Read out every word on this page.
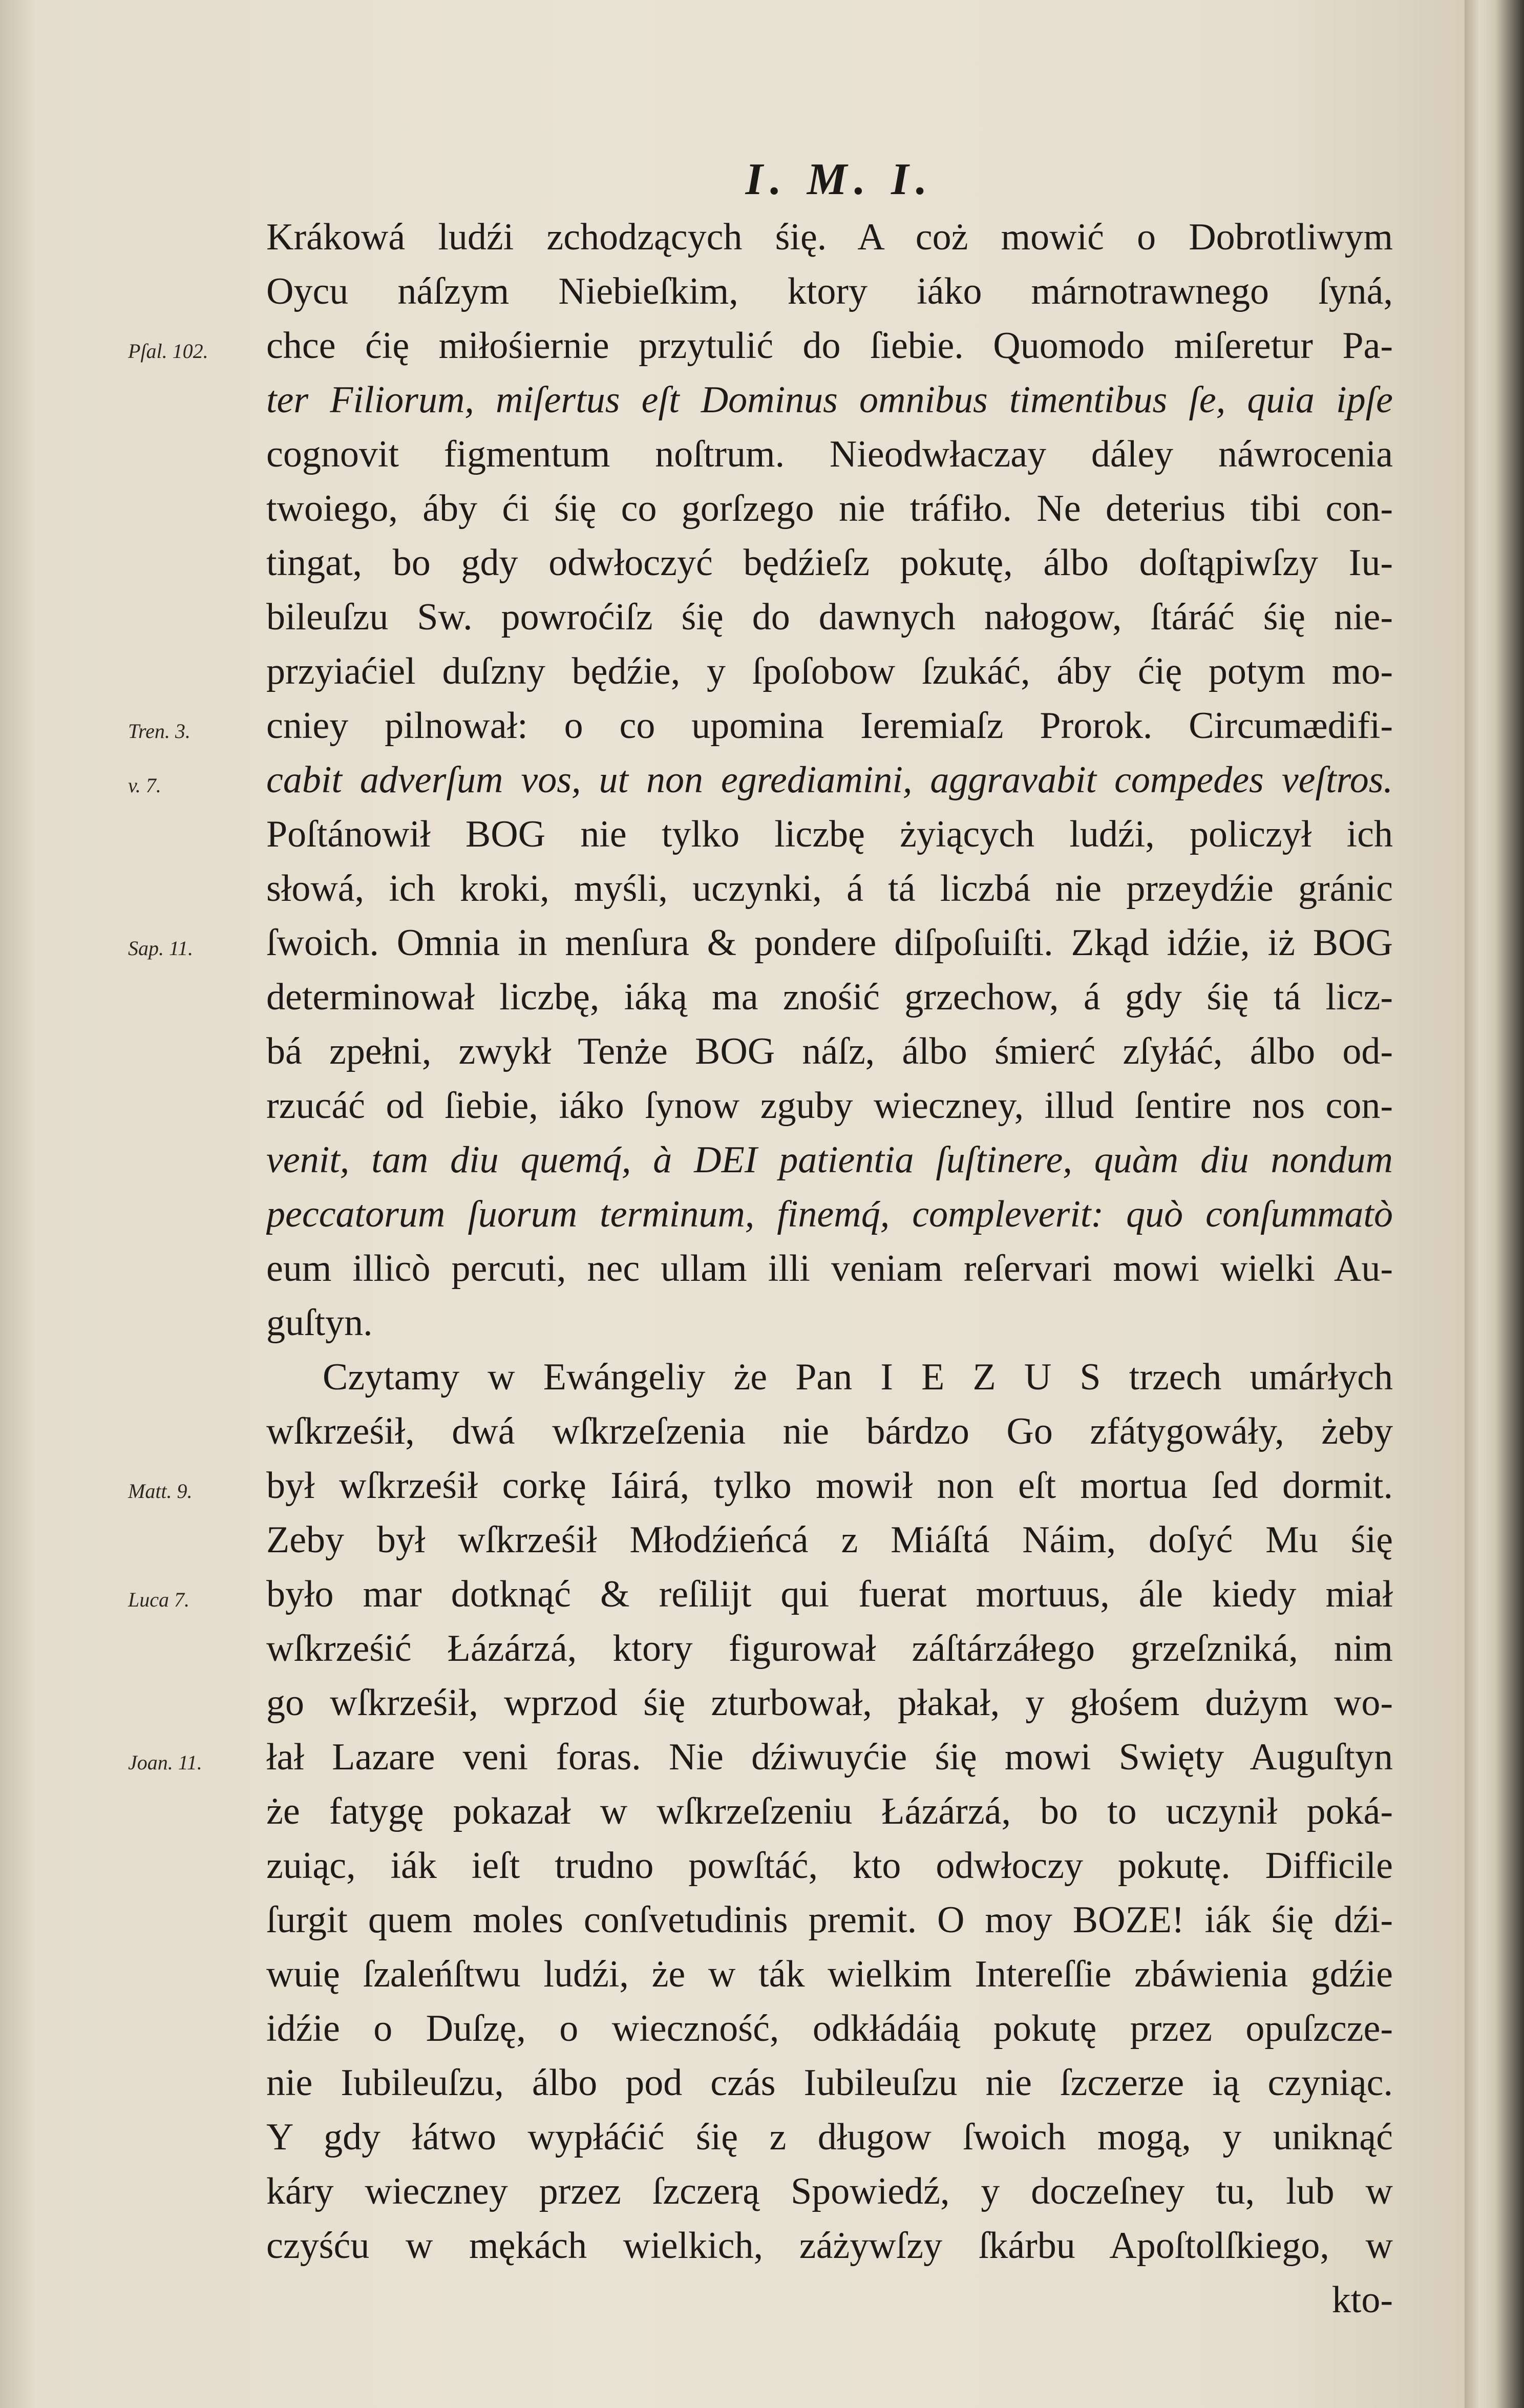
I. M. I.
Krákowá ludźi zchodzących śię. A coż mowić o Dobrotliwym
Oycu náſzym Niebieſkim, ktory iáko márnotrawnego ſyná,
chce ćię miłośiernie przytulić do ſiebie. Quomodo miſeretur Pa-
ter Filiorum, miſertus eſt Dominus omnibus timentibus ſe, quia ipſe
cognovit figmentum noſtrum. Nieodwłaczay dáley náwrocenia
twoiego, áby ći śię co gorſzego nie tráfiło. Ne deterius tibi con-
tingat, bo gdy odwłoczyć będźieſz pokutę, álbo doſtąpiwſzy Iu-
bileuſzu Sw. powroćiſz śię do dawnych nałogow, ſtáráć śię nie-
przyiaćiel duſzny będźie, y ſpoſobow ſzukáć, áby ćię potym mo-
cniey pilnował: o co upomina Ieremiaſz Prorok. Circumædifi-
cabit adverſum vos, ut non egrediamini, aggravabit compedes veſtros.
Poſtánowił BOG nie tylko liczbę żyiących ludźi, policzył ich
słowá, ich kroki, myśli, uczynki, á tá liczbá nie przeydźie gránic
ſwoich. Omnia in menſura & pondere diſpoſuiſti. Zkąd idźie, iż BOG
determinował liczbę, iáką ma znośić grzechow, á gdy śię tá licz-
bá zpełni, zwykł Tenże BOG náſz, álbo śmierć zſyłáć, álbo od-
rzucáć od ſiebie, iáko ſynow zguby wieczney, illud ſentire nos con-
venit, tam diu quemq́, à DEI patientia ſuſtinere, quàm diu nondum
peccatorum ſuorum terminum, finemq́, compleverit: quò conſummatò
eum illicò percuti, nec ullam illi veniam reſervari mowi wielki Au-
guſtyn.
Czytamy w Ewángeliy że Pan I E Z U S trzech umárłych
wſkrześił, dwá wſkrzeſzenia nie bárdzo Go zfátygowáły, żeby
był wſkrześił corkę Iáirá, tylko mowił non eſt mortua ſed dormit.
Zeby był wſkrześił Młodźieńcá z Miáſtá Náim, doſyć Mu śię
było mar dotknąć & reſilijt qui fuerat mortuus, ále kiedy miał
wſkrześić Łázárzá, ktory figurował záſtárzáłego grzeſzniká, nim
go wſkrześił, wprzod śię zturbował, płakał, y głośem dużym wo-
łał Lazare veni foras. Nie dźiwuyćie śię mowi Swięty Auguſtyn
że fatygę pokazał w wſkrzeſzeniu Łázárzá, bo to uczynił poká-
zuiąc, iák ieſt trudno powſtáć, kto odwłoczy pokutę. Difficile
ſurgit quem moles conſvetudinis premit. O moy BOZE! iák śię dźi-
wuię ſzaleńſtwu ludźi, że w ták wielkim Intereſſie zbáwienia gdźie
idźie o Duſzę, o wieczność, odkłádáią pokutę przez opuſzcze-
nie Iubileuſzu, álbo pod czás Iubileuſzu nie ſzczerze ią czyniąc.
Y gdy łátwo wypłáćić śię z długow ſwoich mogą, y uniknąć
káry wieczney przez ſzczerą Spowiedź, y doczeſney tu, lub w
czyśću w mękách wielkich, záżywſzy ſkárbu Apoſtolſkiego, w
kto-
Pſal. 102.
Tren. 3.
v. 7.
Sap. 11.
Matt. 9.
Luca 7.
Joan. 11.
